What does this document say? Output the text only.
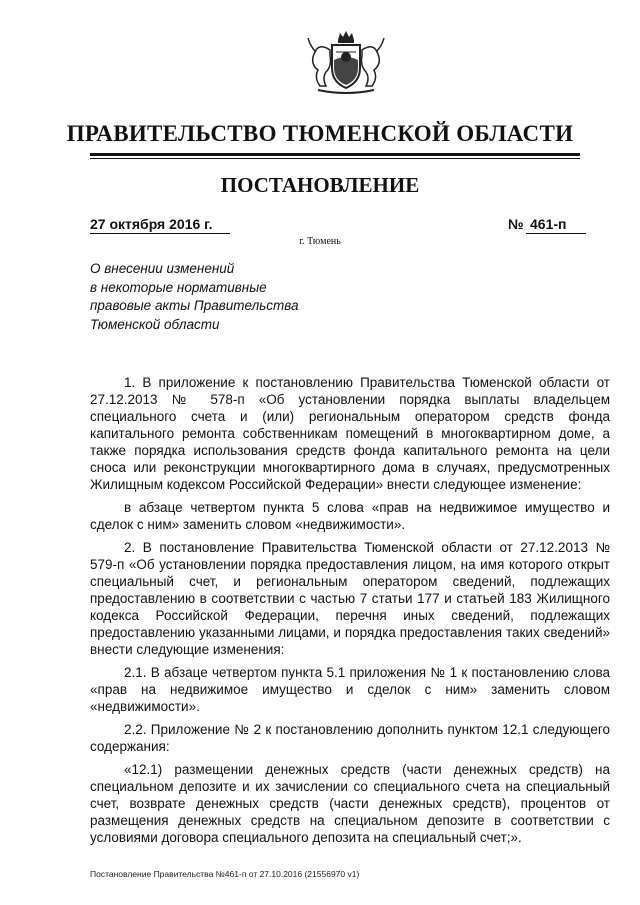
ПРАВИТЕЛЬСТВО ТЮМЕНСКОЙ ОБЛАСТИ
ПОСТАНОВЛЕНИЕ
27 октября 2016 г.	№ 461-п
г. Тюмень
О внесении изменений
в некоторые нормативные
правовые акты Правительства
Тюменской области

1. В приложение к постановлению Правительства Тюменской области от 27.12.2013 № 578-п «Об установлении порядка выплаты владельцем специального счета и (или) региональным оператором средств фонда капитального ремонта собственникам помещений в многоквартирном доме, а также порядка использования средств фонда капитального ремонта на цели сноса или реконструкции многоквартирного дома в случаях, предусмотренных Жилищным кодексом Российской Федерации» внести следующее изменение:

в абзаце четвертом пункта 5 слова «прав на недвижимое имущество и сделок с ним» заменить словом «недвижимости».

2. В постановление Правительства Тюменской области от 27.12.2013 № 579-п «Об установлении порядка предоставления лицом, на имя которого открыт специальный счет, и региональным оператором сведений, подлежащих предоставлению в соответствии с частью 7 статьи 177 и статьей 183 Жилищного кодекса Российской Федерации, перечня иных сведений, подлежащих предоставлению указанными лицами, и порядка предоставления таких сведений» внести следующие изменения:

2.1. В абзаце четвертом пункта 5.1 приложения № 1 к постановлению слова «прав на недвижимое имущество и сделок с ним» заменить словом «недвижимости».

2.2. Приложение № 2 к постановлению дополнить пунктом 12.1 следующего содержания:

«12.1) размещении денежных средств (части денежных средств) на специальном депозите и их зачислении со специального счета на специальный счет, возврате денежных средств (части денежных средств), процентов от размещения денежных средств на специальном депозите в соответствии с условиями договора специального депозита на специальный счет;».

Постановление Правительства №461-п от 27.10.2016 (21556970 v1)
